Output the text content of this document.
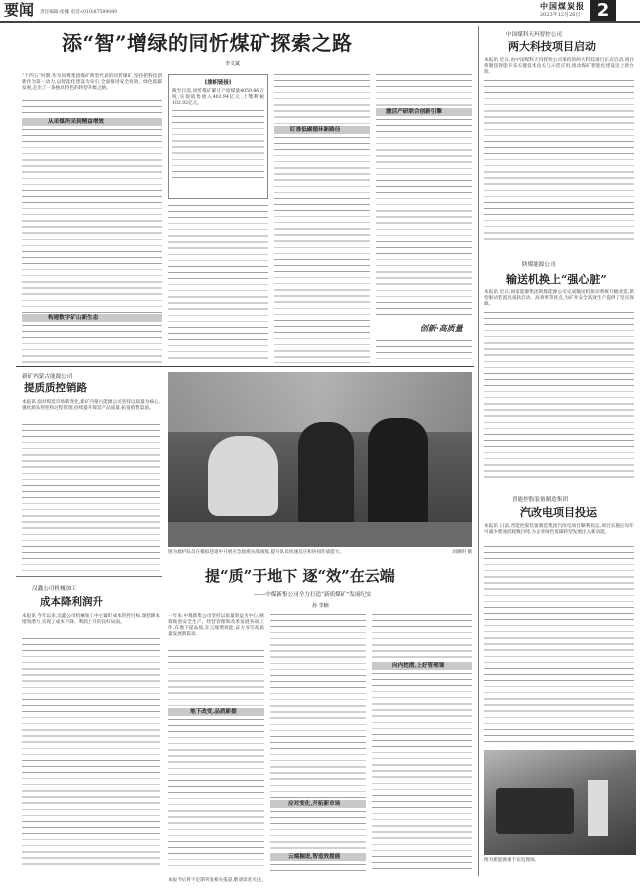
要闻 责任编辑:张娜 电话:(010)87589089
中国煤炭报
2023年12月26日 2
添“智”增绿的同忻煤矿探索之路
李文斌
“十四五”时期,作为同煤集团煤矿典型代表的同忻煤矿,坚持把科技创新作为第一动力,以智能化建设为牵引,全面推进安全高效、绿色低碳发展,走出了一条独具特色的转型升级之路。
从采煤所采到精益增效
构建数字矿山新生态
[旗帜链接]
截至目前,同忻煤矿累计产原煤量4059.86万吨,实现销售收入403.94亿元,上缴利税102.92亿元。
盯准低碳循环新路径
激活产研联合创新引擎
创新·高质量
中国煤科天玛智控公司
两大科技项目启动
本报讯 近日,由中国煤科天玛智控公司承担的两大科技项目正式启动,项目将聚焦智能开采关键技术攻关与示范应用,推动煤矿智能化建设迈上新台阶。
陕煤能源公司
输送机换上“强心脏”
本报讯 近日,国家能源集团陕煤能源公司完成输送机驱动系统升级改造,新型驱动装置具备软启动、高效率等优点,为矿井安全高效生产提供了坚实保障。
晋能控股装备制造集团
汽改电项目投运
本报讯 日前,晋能控股装备制造集团汽改电项目顺利投运,项目实施后每年可减少柴油消耗数百吨,为企业绿色低碳转型发展注入新动能。
图为新能源重卡充电现场。
新矿内蒙古能源公司
提质质控销路
本报讯 面对煤炭市场新变化,新矿内蒙古能源公司坚持以质量为核心,强化源头管控和过程管理,持续提升煤炭产品质量,拓宽销售渠道。
汉鑫公司机械加工
成本降利润升
本报讯 今年以来,汉鑫公司机械加工中心紧盯成本管控目标,深挖降本增效潜力,实现了成本下降、利润上升的良好局面。
图为救护队员在模拟巷道中开展应急救援实战演练,提升队员快速反应和协同作战能力。	刘晓明 摄
提“质”于地下 逐“效”在云端
——中煤新集公司全力打造“新质煤矿”发展纪实
孙 李楠
一年来,中煤新集公司坚持以质量效益为中心,统筹推进安全生产、经营管理和改革发展各项工作,在地下提品质,在云端增效能,奋力书写高质量发展新篇章。
地下改变,品质新提
应对变化,开拓新市场
云端掘进,智造效提能
向内挖潜,上好管理课
本报今后将不定期刊发相关报道,敬请读者关注。
